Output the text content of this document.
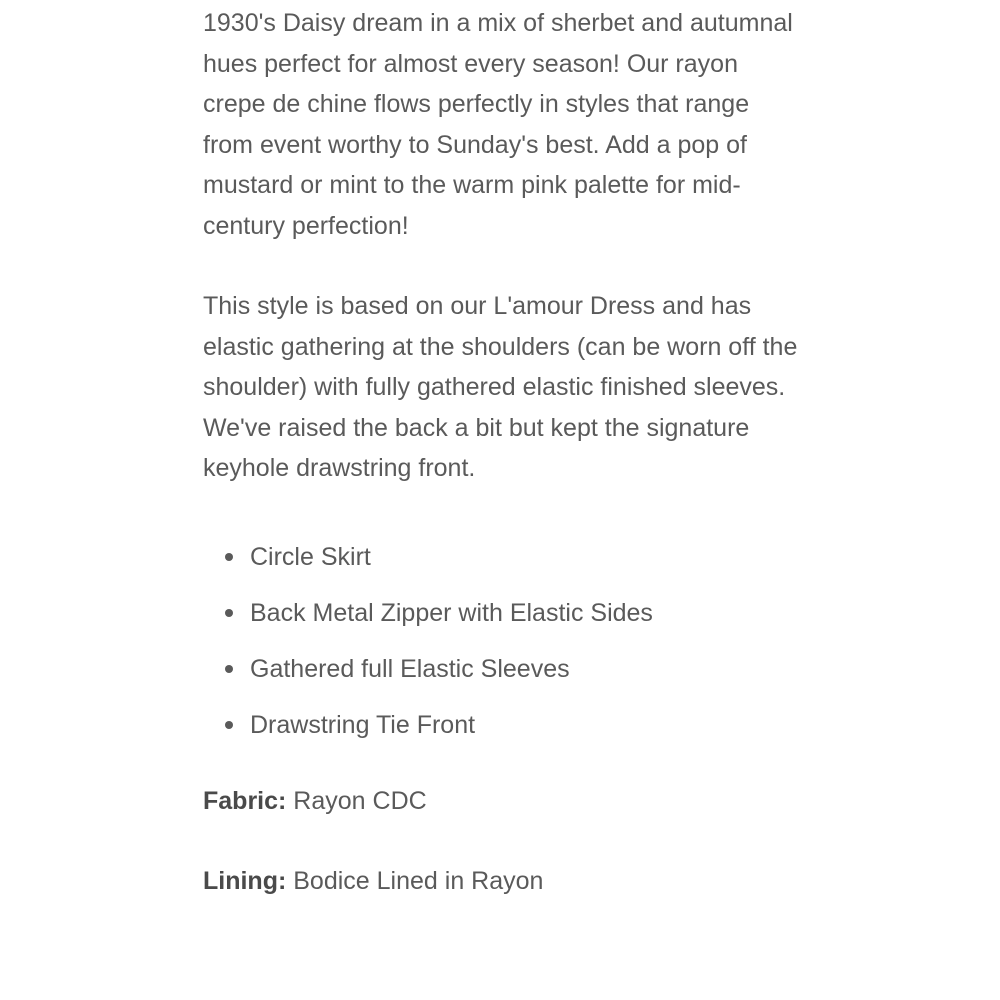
1930's Daisy dream in a mix of sherbet and autumnal hues perfect for almost every season! Our rayon crepe de chine flows perfectly in styles that range from event worthy to Sunday's best. Add a pop of mustard or mint to the warm pink palette for mid-century perfection!

This style is based on our L'amour Dress and has elastic gathering at the shoulders (can be worn off the shoulder) with fully gathered elastic finished sleeves. We've raised the back a bit but kept the signature keyhole drawstring front.

Circle Skirt
Back Metal Zipper with Elastic Sides
Gathered full Elastic Sleeves
Drawstring Tie Front

Fabric: Rayon CDC

Lining: Bodice Lined in Rayon
